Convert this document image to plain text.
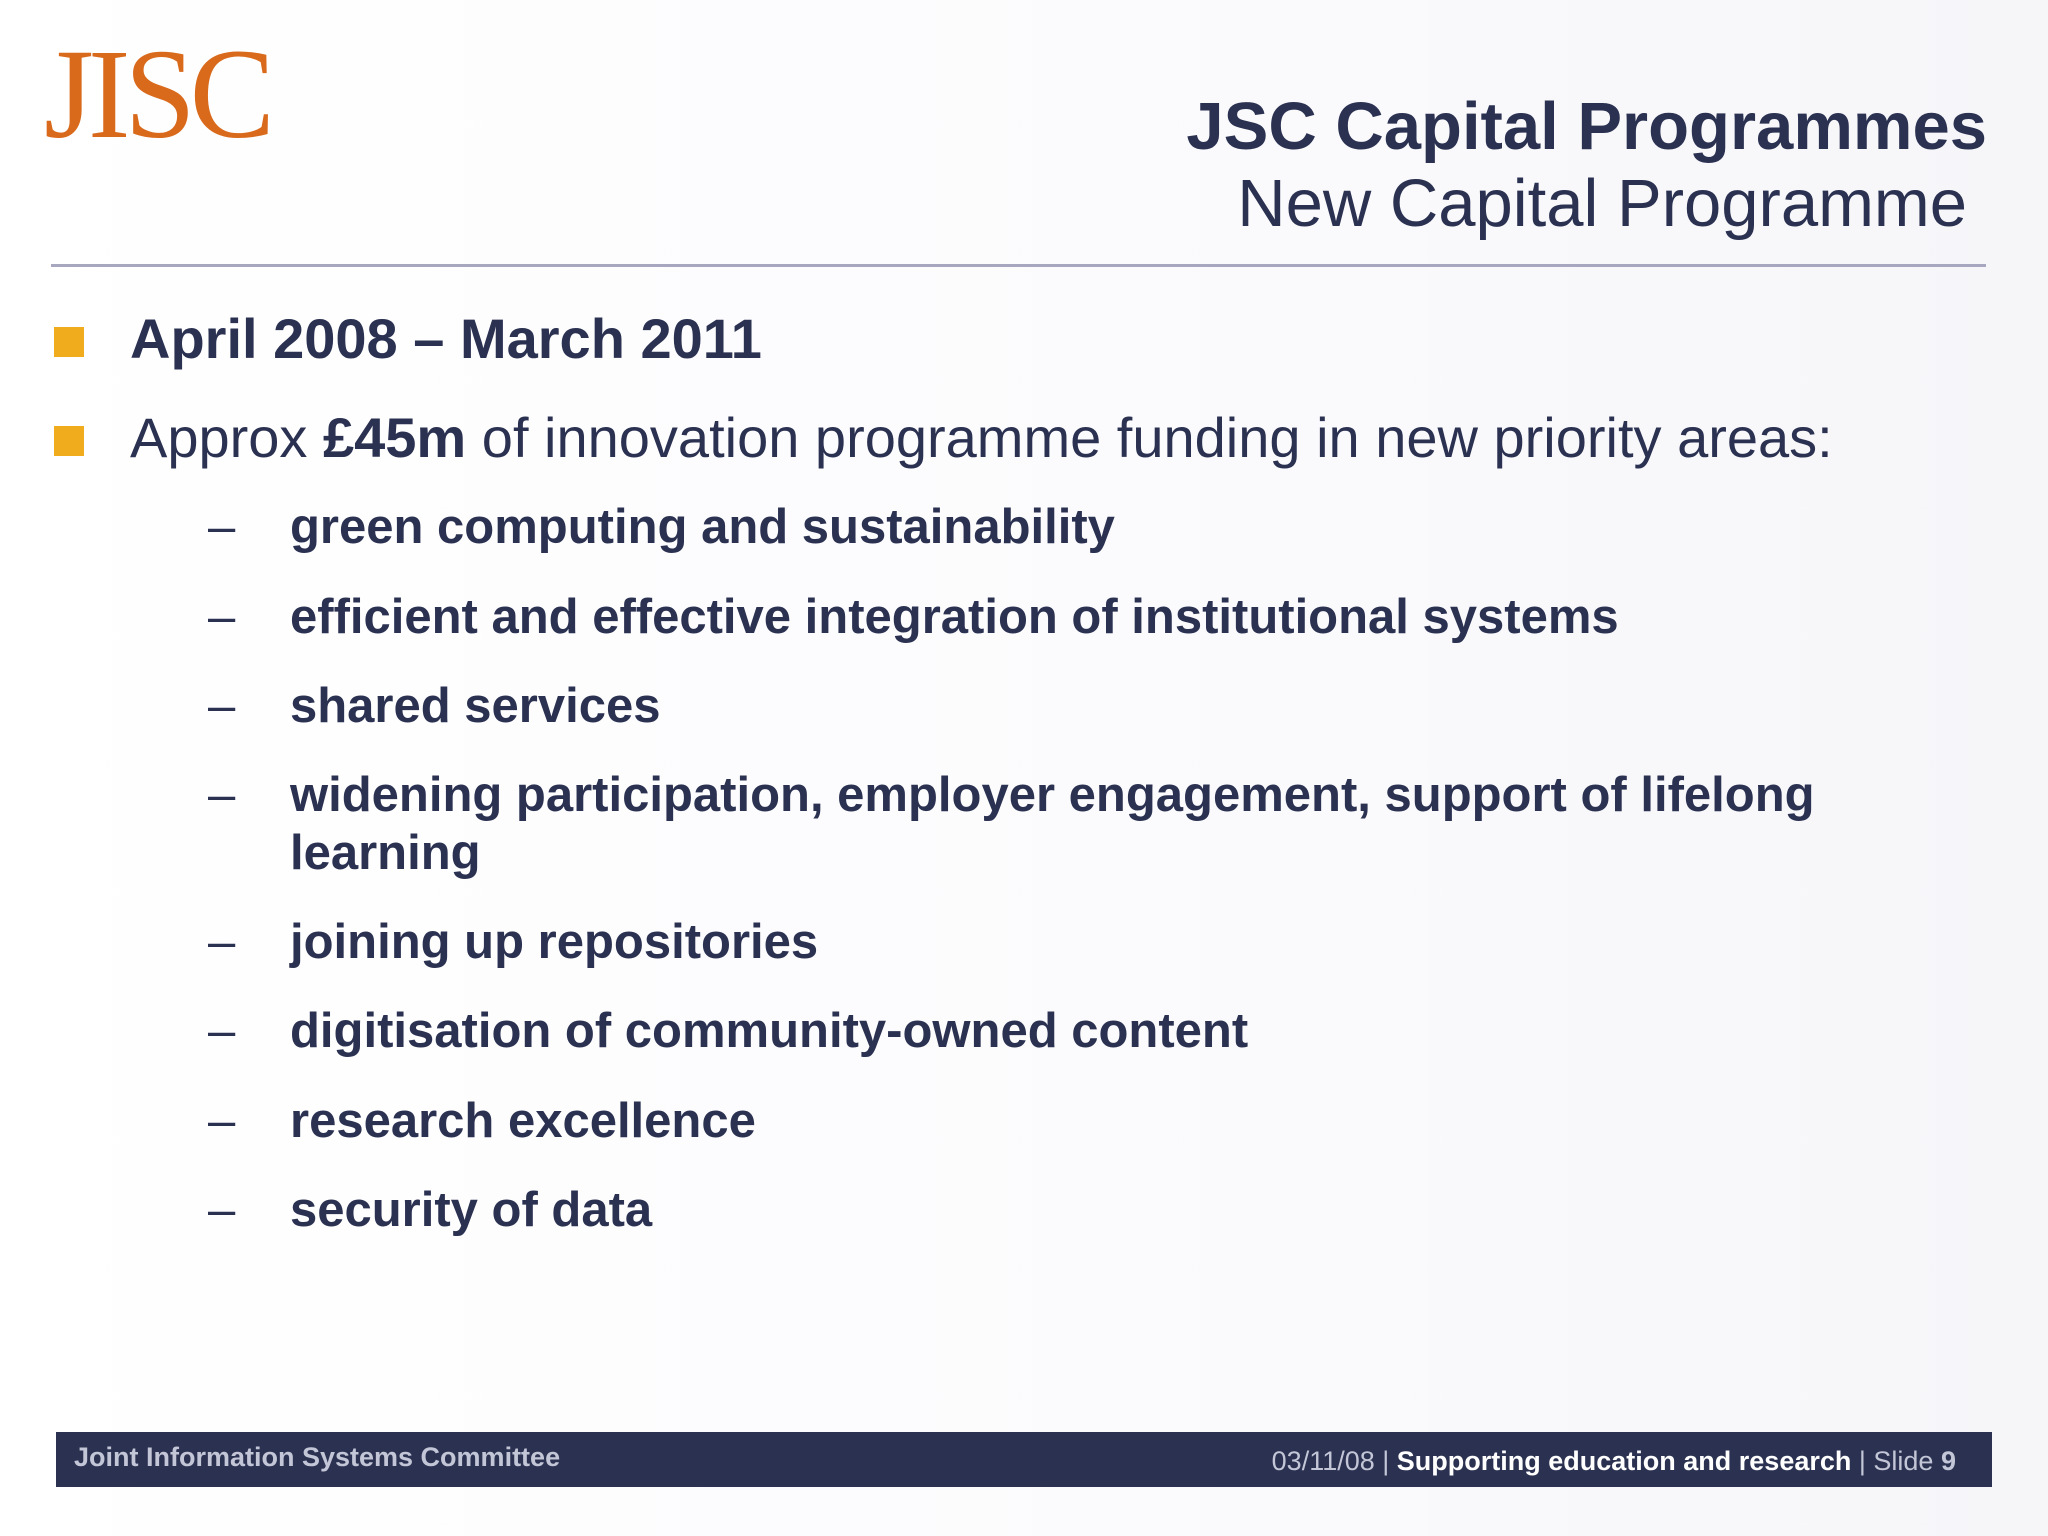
JISC	JSC Capital Programmes
New Capital Programme
April 2008 – March 2011
Approx £45m of innovation programme funding in new priority areas:
– green computing and sustainability
– efficient and effective integration of institutional systems
– shared services
– widening participation, employer engagement, support of lifelong learning
– joining up repositories
– digitisation of community-owned content
– research excellence
– security of data
Joint Information Systems Committee	03/11/08 | Supporting education and research | Slide 9
